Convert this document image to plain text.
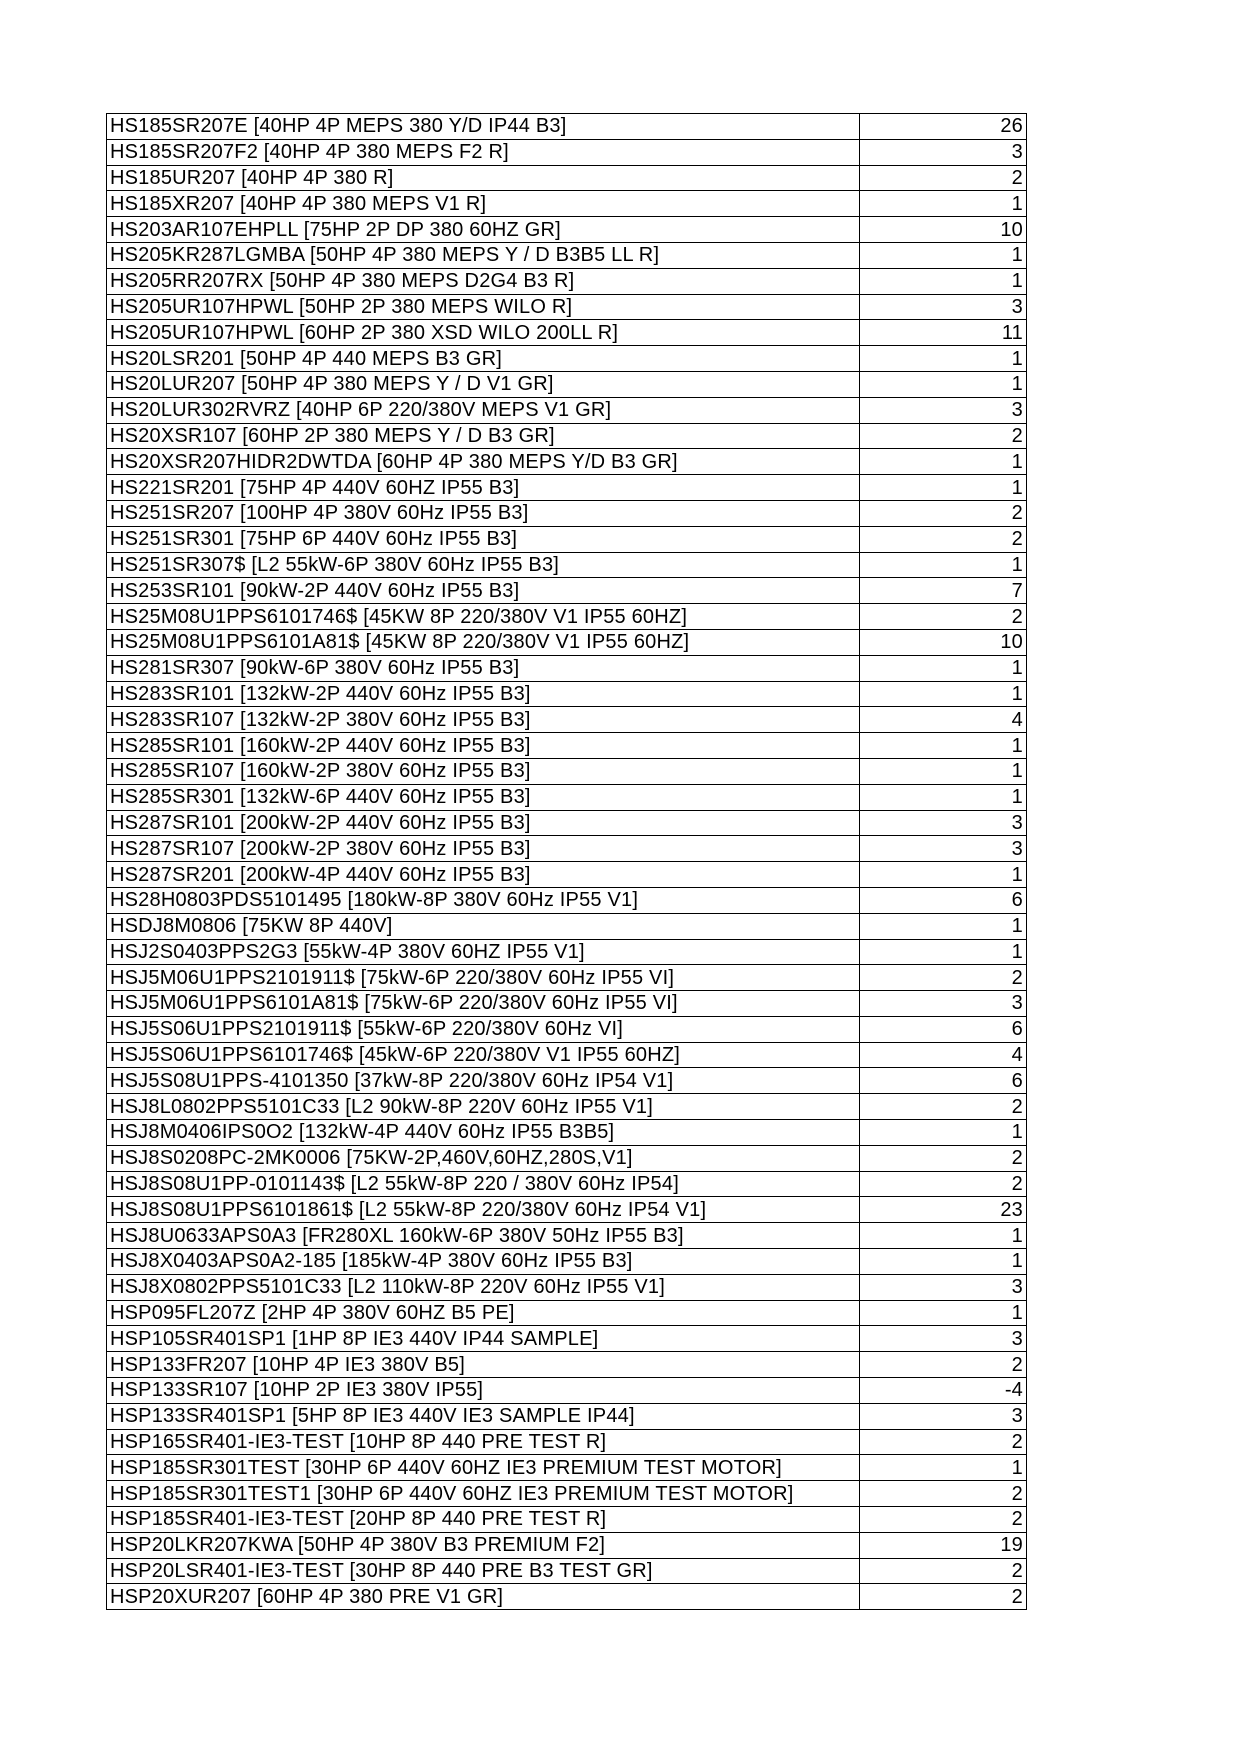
HS185SR207E [40HP 4P MEPS 380 Y/D IP44 B3]	26
HS185SR207F2 [40HP 4P 380 MEPS F2 R]	3
HS185UR207 [40HP 4P 380 R]	2
HS185XR207 [40HP 4P 380 MEPS V1 R]	1
HS203AR107EHPLL [75HP 2P DP 380 60HZ GR]	10
HS205KR287LGMBA [50HP 4P 380 MEPS Y / D B3B5 LL R]	1
HS205RR207RX [50HP 4P 380 MEPS D2G4 B3 R]	1
HS205UR107HPWL [50HP 2P 380 MEPS WILO R]	3
HS205UR107HPWL [60HP 2P 380 XSD WILO 200LL R]	11
HS20LSR201 [50HP 4P 440 MEPS B3 GR]	1
HS20LUR207 [50HP 4P 380 MEPS Y / D V1 GR]	1
HS20LUR302RVRZ [40HP 6P 220/380V MEPS V1 GR]	3
HS20XSR107 [60HP 2P 380 MEPS Y / D B3 GR]	2
HS20XSR207HIDR2DWTDA [60HP 4P 380 MEPS Y/D B3 GR]	1
HS221SR201 [75HP 4P 440V 60HZ IP55 B3]	1
HS251SR207 [100HP 4P 380V 60Hz IP55 B3]	2
HS251SR301 [75HP 6P 440V 60Hz IP55 B3]	2
HS251SR307$ [L2 55kW-6P 380V 60Hz IP55 B3]	1
HS253SR101 [90kW-2P 440V 60Hz IP55 B3]	7
HS25M08U1PPS6101746$ [45KW 8P 220/380V V1 IP55 60HZ]	2
HS25M08U1PPS6101A81$ [45KW 8P 220/380V V1 IP55 60HZ]	10
HS281SR307 [90kW-6P 380V 60Hz IP55 B3]	1
HS283SR101 [132kW-2P 440V 60Hz IP55 B3]	1
HS283SR107 [132kW-2P 380V 60Hz IP55 B3]	4
HS285SR101 [160kW-2P 440V 60Hz IP55 B3]	1
HS285SR107 [160kW-2P 380V 60Hz IP55 B3]	1
HS285SR301 [132kW-6P 440V 60Hz IP55 B3]	1
HS287SR101 [200kW-2P 440V 60Hz IP55 B3]	3
HS287SR107 [200kW-2P 380V 60Hz IP55 B3]	3
HS287SR201 [200kW-4P 440V 60Hz IP55 B3]	1
HS28H0803PDS5101495 [180kW-8P 380V 60Hz IP55 V1]	6
HSDJ8M0806 [75KW 8P 440V]	1
HSJ2S0403PPS2G3 [55kW-4P 380V 60HZ IP55 V1]	1
HSJ5M06U1PPS2101911$ [75kW-6P 220/380V 60Hz IP55 VI]	2
HSJ5M06U1PPS6101A81$ [75kW-6P 220/380V 60Hz IP55 VI]	3
HSJ5S06U1PPS2101911$ [55kW-6P 220/380V 60Hz VI]	6
HSJ5S06U1PPS6101746$ [45kW-6P 220/380V V1 IP55 60HZ]	4
HSJ5S08U1PPS-4101350 [37kW-8P 220/380V 60Hz IP54 V1]	6
HSJ8L0802PPS5101C33 [L2 90kW-8P 220V 60Hz IP55 V1]	2
HSJ8M0406IPS0O2 [132kW-4P 440V 60Hz IP55 B3B5]	1
HSJ8S0208PC-2MK0006 [75KW-2P,460V,60HZ,280S,V1]	2
HSJ8S08U1PP-0101143$ [L2 55kW-8P 220 / 380V 60Hz IP54]	2
HSJ8S08U1PPS6101861$ [L2 55kW-8P 220/380V 60Hz IP54 V1]	23
HSJ8U0633APS0A3 [FR280XL 160kW-6P 380V 50Hz IP55 B3]	1
HSJ8X0403APS0A2-185 [185kW-4P 380V 60Hz IP55 B3]	1
HSJ8X0802PPS5101C33 [L2 110kW-8P 220V 60Hz IP55 V1]	3
HSP095FL207Z [2HP 4P 380V 60HZ B5 PE]	1
HSP105SR401SP1 [1HP 8P IE3 440V IP44 SAMPLE]	3
HSP133FR207 [10HP 4P IE3 380V B5]	2
HSP133SR107 [10HP 2P IE3 380V IP55]	-4
HSP133SR401SP1 [5HP 8P IE3 440V IE3 SAMPLE IP44]	3
HSP165SR401-IE3-TEST [10HP 8P 440 PRE TEST R]	2
HSP185SR301TEST [30HP 6P 440V 60HZ IE3 PREMIUM TEST MOTOR]	1
HSP185SR301TEST1 [30HP 6P 440V 60HZ IE3 PREMIUM TEST MOTOR]	2
HSP185SR401-IE3-TEST [20HP 8P 440 PRE TEST R]	2
HSP20LKR207KWA [50HP 4P 380V B3 PREMIUM F2]	19
HSP20LSR401-IE3-TEST [30HP 8P 440 PRE B3 TEST GR]	2
HSP20XUR207 [60HP 4P 380 PRE V1 GR]	2
